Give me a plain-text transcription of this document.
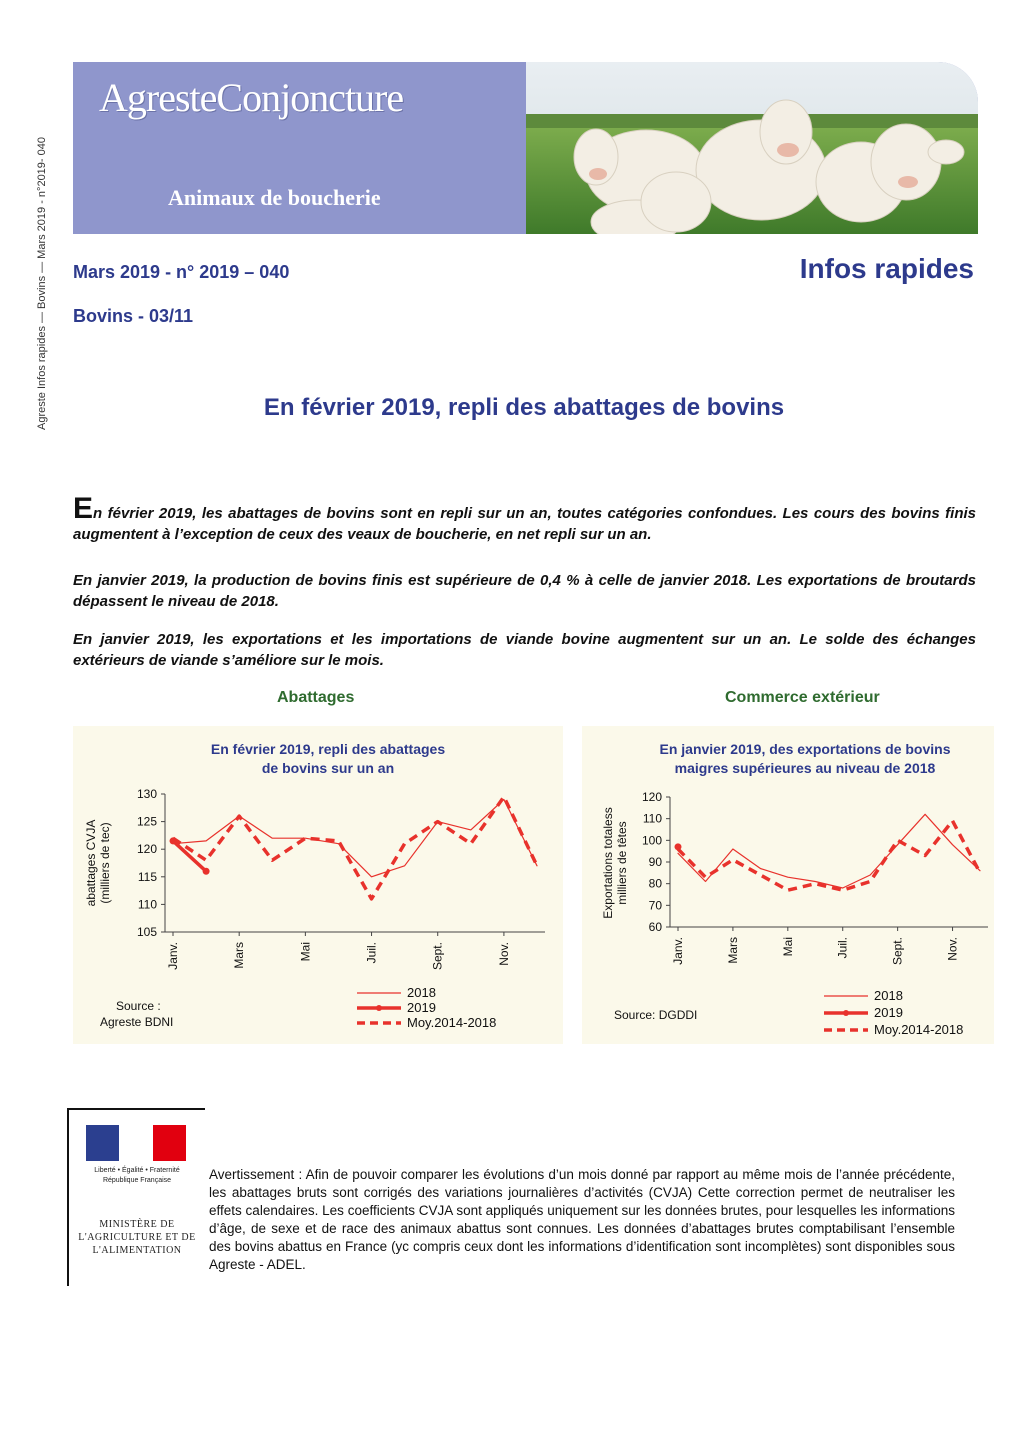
Agreste Infos rapides — Bovins — Mars 2019 - n°2019- 040
AgresteConjoncture
Animaux de boucherie
Mars 2019 - n° 2019 – 040	Infos rapides
Bovins - 03/11
En février 2019, repli des abattages de bovins

En février 2019, les abattages de bovins sont en repli sur un an, toutes catégories confondues. Les cours des bovins finis augmentent à l’exception de ceux des veaux de boucherie, en net repli sur un an.

En janvier 2019, la production de bovins finis est supérieure de 0,4 % à celle de janvier 2018. Les exportations de broutards dépassent le niveau de 2018.

En janvier 2019, les exportations et les importations de viande bovine augmentent sur un an. Le solde des échanges extérieurs de viande s’améliore sur le mois.

Abattages	Commerce extérieur
En février 2019, repli des abattages
de bovins sur un an
130
125
120
115
110
105
Janv.	Mars	Mai	Juil.	Sept.	Nov.
abattages CVJA (milliers de tec)
Source :
Agreste BDNI
2018
2019
Moy.2014-2018
En janvier 2019, des exportations de bovins
maigres supérieures au niveau de 2018
120
110
100
90
80
70
60
Janv.	Mars	Mai	Juil.	Sept.	Nov.
Exportations totaless milliers de têtes
Source: DGDDI
2018
2019
Moy.2014-2018
Liberté • Égalité • Fraternité
République Française
MINISTÈRE DE L'AGRICULTURE ET DE L'ALIMENTATION

Avertissement : Afin de pouvoir comparer les évolutions d’un mois donné par rapport au même mois de l’année précédente, les abattages bruts sont corrigés des variations journalières d’activités (CVJA) Cette correction permet de neutraliser les effets calendaires. Les coefficients CVJA sont appliqués uniquement sur les données brutes, pour lesquelles les informations d’âge, de sexe et de race des animaux abattus sont connues. Les données d’abattages brutes comptabilisant l’ensemble des bovins abattus en France (yc compris ceux dont les informations d’identification sont incomplètes) sont disponibles sous Agreste - ADEL.
